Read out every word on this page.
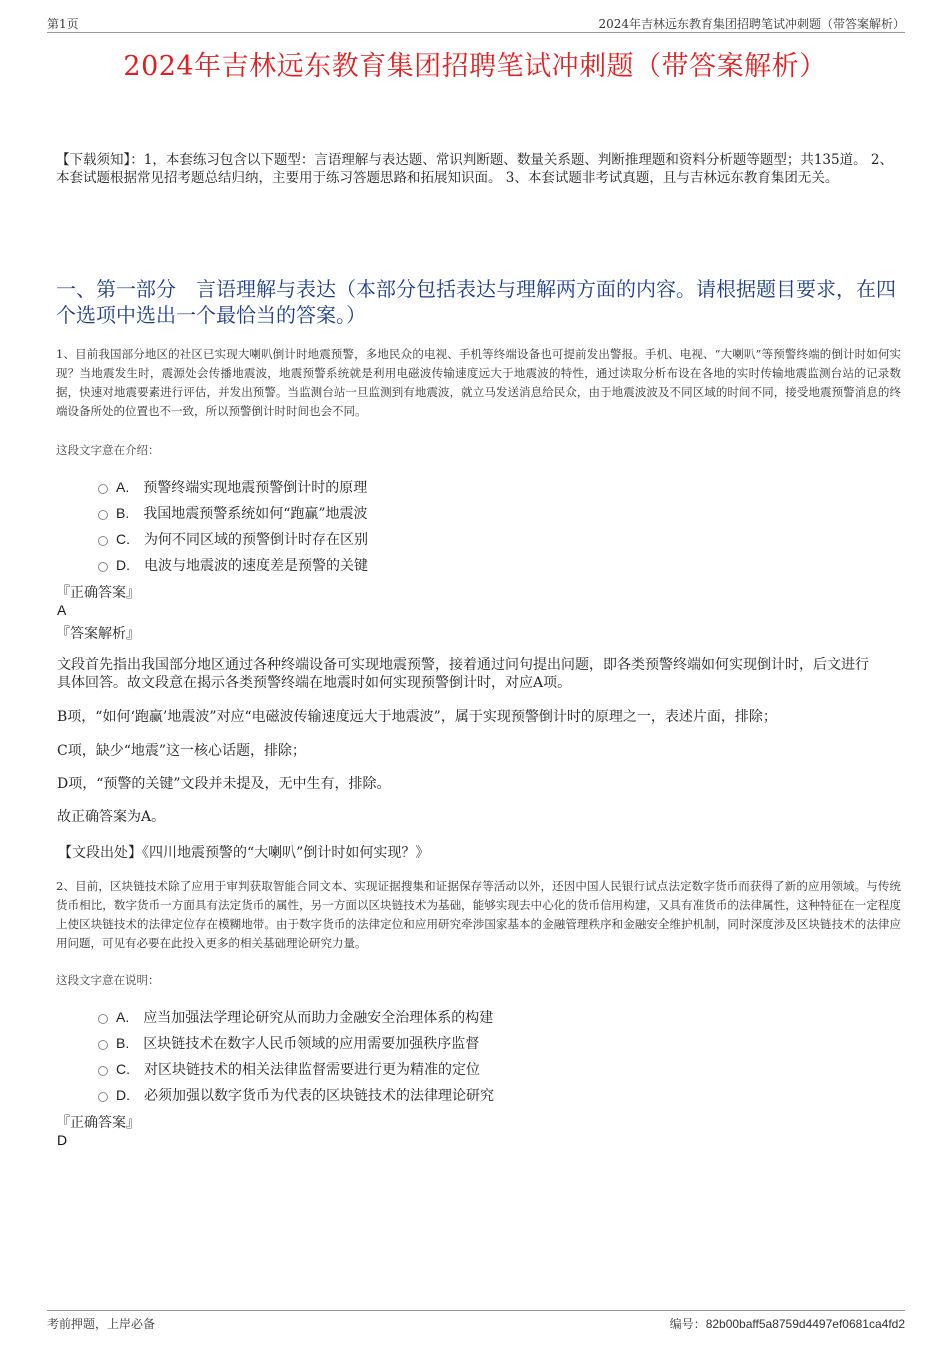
第1页	2024年吉林远东教育集团招聘笔试冲刺题（带答案解析）
2024年吉林远东教育集团招聘笔试冲刺题（带答案解析）
【下载须知】：1，本套练习包含以下题型：言语理解与表达题、常识判断题、数量关系题、判断推理题和资料分析题等题型；共135道。 2、本套试题根据常见招考题总结归纳，主要用于练习答题思路和拓展知识面。 3、本套试题非考试真题，且与吉林远东教育集团无关。
一、第一部分　言语理解与表达（本部分包括表达与理解两方面的内容。请根据题目要求，在四个选项中选出一个最恰当的答案。）
1、目前我国部分地区的社区已实现大喇叭倒计时地震预警，多地民众的电视、手机等终端设备也可提前发出警报。手机、电视、“大喇叭”等预警终端的倒计时如何实现？当地震发生时，震源处会传播地震波，地震预警系统就是利用电磁波传输速度远大于地震波的特性，通过读取分析布设在各地的实时传输地震监测台站的记录数据，快速对地震要素进行评估，并发出预警。当监测台站一旦监测到有地震波，就立马发送消息给民众，由于地震波波及不同区域的时间不同，接受地震预警消息的终端设备所处的位置也不一致，所以预警倒计时时间也会不同。
这段文字意在介绍：
A. 预警终端实现地震预警倒计时的原理
B. 我国地震预警系统如何“跑赢”地震波
C. 为何不同区域的预警倒计时存在区别
D. 电波与地震波的速度差是预警的关键
『正确答案』
A
『答案解析』
文段首先指出我国部分地区通过各种终端设备可实现地震预警，接着通过问句提出问题，即各类预警终端如何实现倒计时，后文进行具体回答。故文段意在揭示各类预警终端在地震时如何实现预警倒计时，对应A项。
B项，“如何‘跑赢’地震波”对应“电磁波传输速度远大于地震波”，属于实现预警倒计时的原理之一，表述片面，排除；
C项，缺少“地震”这一核心话题，排除；
D项，“预警的关键”文段并未提及，无中生有，排除。
故正确答案为A。
【文段出处】《四川地震预警的“大喇叭”倒计时如何实现？》
2、目前，区块链技术除了应用于审判获取智能合同文本、实现证据搜集和证据保存等活动以外，还因中国人民银行试点法定数字货币而获得了新的应用领域。与传统货币相比，数字货币一方面具有法定货币的属性，另一方面以区块链技术为基础，能够实现去中心化的货币信用构建，又具有准货币的法律属性，这种特征在一定程度上使区块链技术的法律定位存在模糊地带。由于数字货币的法律定位和应用研究牵涉国家基本的金融管理秩序和金融安全维护机制，同时深度涉及区块链技术的法律应用问题，可见有必要在此投入更多的相关基础理论研究力量。
这段文字意在说明：
A. 应当加强法学理论研究从而助力金融安全治理体系的构建
B. 区块链技术在数字人民币领域的应用需要加强秩序监督
C. 对区块链技术的相关法律监督需要进行更为精准的定位
D. 必须加强以数字货币为代表的区块链技术的法律理论研究
『正确答案』
D
考前押题，上岸必备	编号：82b00baff5a8759d4497ef0681ca4fd2
